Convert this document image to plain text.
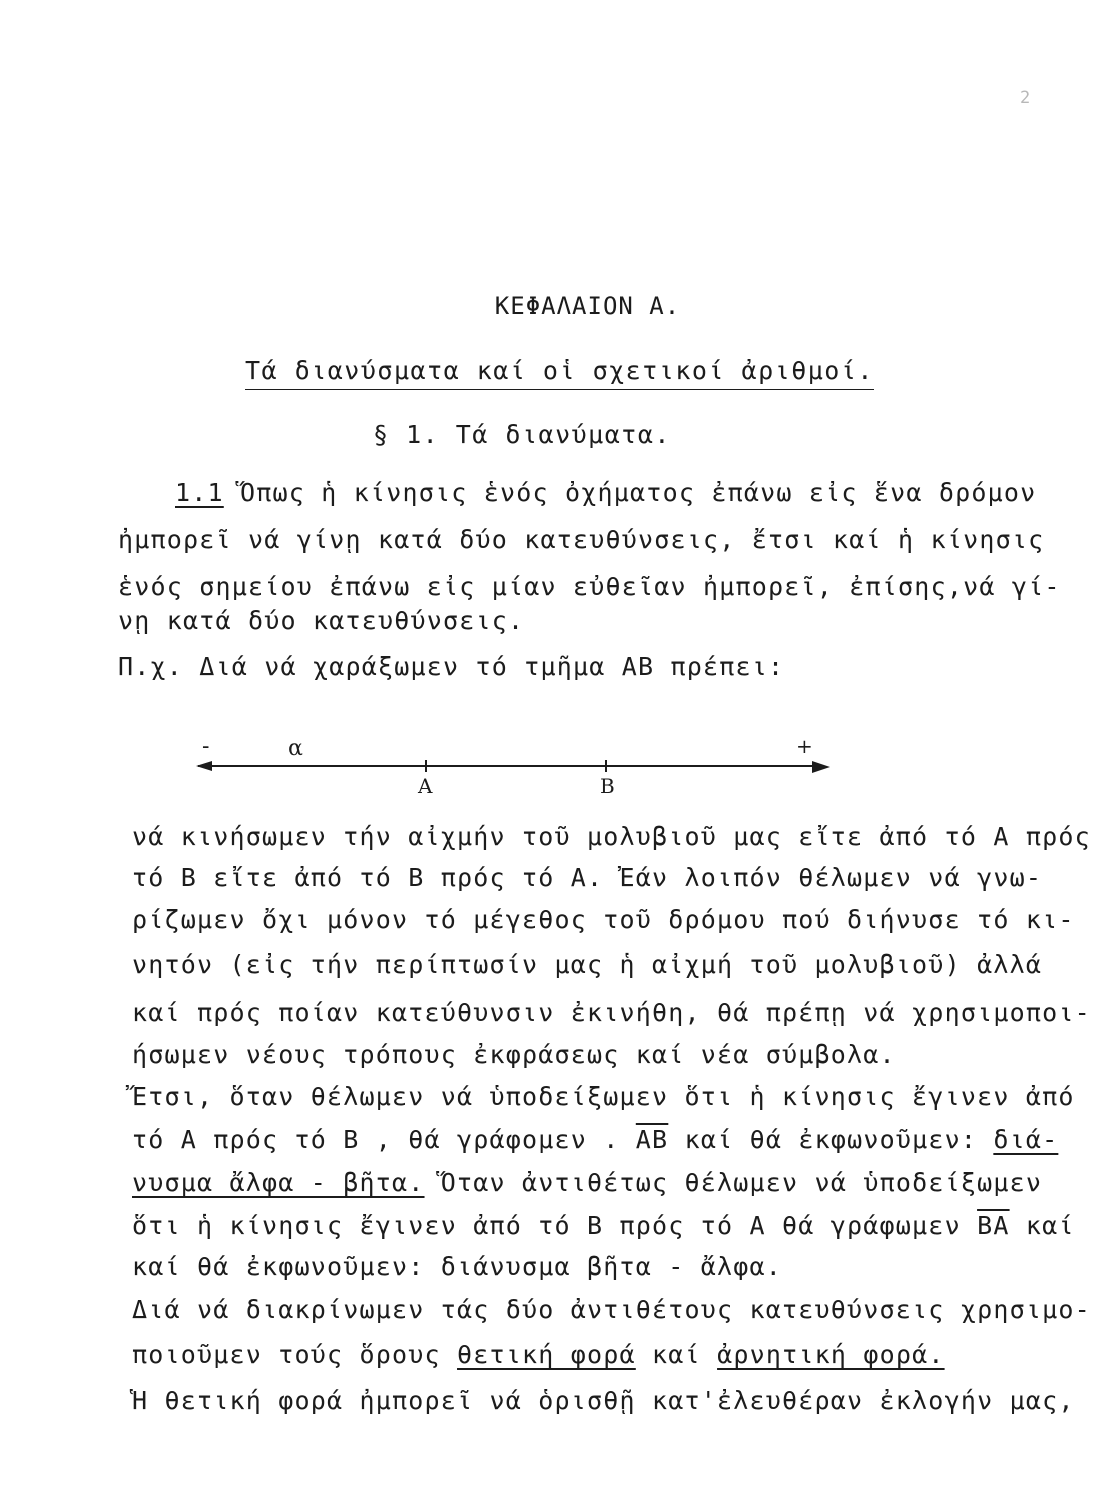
2
ΚΕΦΑΛΑΙΟΝ Α.
Τά διανύσματα καί οἱ σχετικοί ἀριθμοί.
§ 1. Τά διανύματα.
1.1 Ὅπως ἡ κίνησις ἑνός ὀχήματος ἐπάνω εἰς ἕνα δρόμον
ἠμπορεῖ νά γίνῃ κατά δύο κατευθύνσεις, ἔτσι καί ἡ κίνησις
ἑνός σημείου ἐπάνω εἰς μίαν εὐθεῖαν ἠμπορεῖ, ἐπίσης,νά γί-
νῃ κατά δύο κατευθύνσεις.
Π.χ. Διά νά χαράξωμεν τό τμῆμα ΑΒ πρέπει:
-	α	+
A	B
νά κινήσωμεν τήν αἰχμήν τοῦ μολυβιοῦ μας εἴτε ἀπό τό Α πρός
τό Β εἴτε ἀπό τό Β πρός τό Α. Ἐάν λοιπόν θέλωμεν νά γνω-
ρίζωμεν ὄχι μόνον τό μέγεθος τοῦ δρόμου πού διήνυσε τό κι-
νητόν (εἰς τήν περίπτωσίν μας ἡ αἰχμή τοῦ μολυβιοῦ) ἀλλά
καί πρός ποίαν κατεύθυνσιν ἐκινήθη, θά πρέπῃ νά χρησιμοποι-
ήσωμεν νέους τρόπους ἐκφράσεως καί νέα σύμβολα.
Ἔτσι, ὅταν θέλωμεν νά ὑποδείξωμεν ὅτι ἡ κίνησις ἔγινεν ἀπό
τό Α πρός τό Β , θά γράφομεν . $\overline{AB}$ καί θά ἐκφωνοῦμεν: διά-
νυσμα ἄλφα - βῆτα. Ὅταν ἀντιθέτως θέλωμεν νά ὑποδείξωμεν
ὅτι ἡ κίνησις ἔγινεν ἀπό τό Β πρός τό Α θά γράφωμεν $\overline{BA}$ καί
καί θά ἐκφωνοῦμεν: διάνυσμα βῆτα - ἄλφα.
Διά νά διακρίνωμεν τάς δύο ἀντιθέτους κατευθύνσεις χρησιμο-
ποιοῦμεν τούς ὅρους θετική φορά καί ἀρνητική φορά.
Ἡ θετική φορά ἠμπορεῖ νά ὁρισθῇ κατ'ἐλευθέραν ἐκλογήν μας,
